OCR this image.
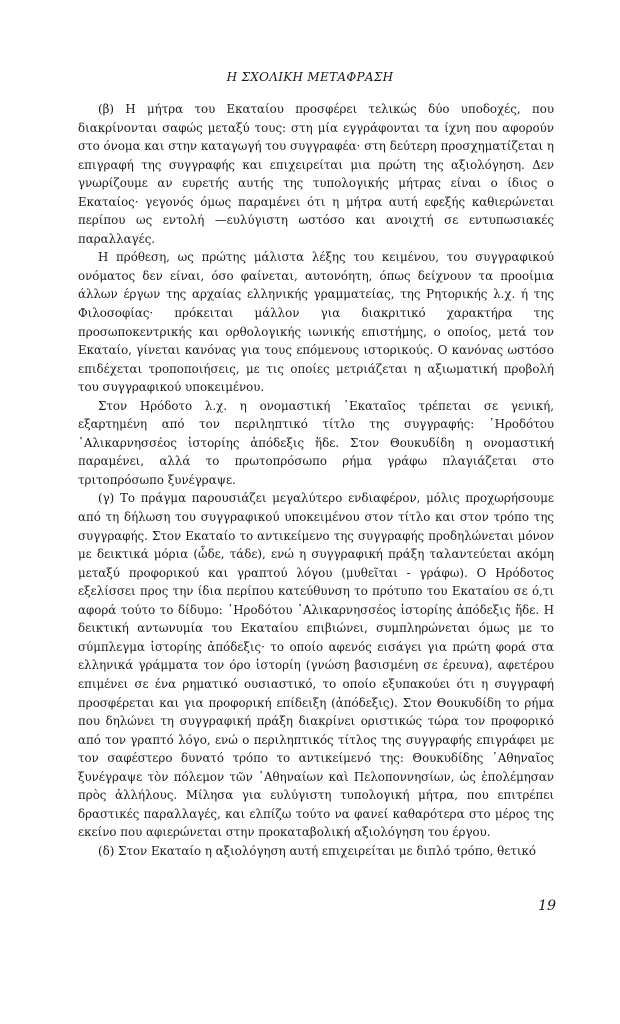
Η ΣΧΟΛΙΚΗ ΜΕΤΑΦΡΑΣΗ

(β) Η μήτρα του Εκαταίου προσφέρει τελικώς δύο υποδοχές, που διακρίνονται σαφώς μεταξύ τους: στη μία εγγράφονται τα ίχνη που αφορούν στο όνομα και στην καταγωγή του συγγραφέα· στη δεύτερη προσχηματίζεται η επιγραφή της συγγραφής και επιχειρείται μια πρώτη της αξιολόγηση. Δεν γνωρίζουμε αν ευρετής αυτής της τυπολογικής μήτρας είναι ο ίδιος ο Εκαταίος· γεγονός όμως παραμένει ότι η μήτρα αυτή εφεξής καθιερώνεται περίπου ως εντολή —ευλύγιστη ωστόσο και ανοιχτή σε εντυπωσιακές παραλλαγές.

Η πρόθεση, ως πρώτης μάλιστα λέξης του κειμένου, του συγγραφικού ονόματος δεν είναι, όσο φαίνεται, αυτονόητη, όπως δείχνουν τα προοίμια άλλων έργων της αρχαίας ελληνικής γραμματείας, της Ρητορικής λ.χ. ή της Φιλοσοφίας· πρόκειται μάλλον για διακριτικό χαρακτήρα της προσωποκεντρικής και ορθολογικής ιωνικής επιστήμης, ο οποίος, μετά τον Εκαταίο, γίνεται κανόνας για τους επόμενους ιστορικούς. Ο κανόνας ωστόσο επιδέχεται τροποποιήσεις, με τις οποίες μετριάζεται η αξιωματική προβολή του συγγραφικού υποκειμένου.

Στον Ηρόδοτο λ.χ. η ονομαστική ᾿Εκαταῖος τρέπεται σε γενική, εξαρτημένη από τον περιληπτικό τίτλο της συγγραφής: ῾Ηροδότου ᾿Αλικαρνησσέος ἱστορίης ἀπόδεξις ἥδε. Στον Θουκυδίδη η ονομαστική παραμένει, αλλά το πρωτοπρόσωπο ρήμα γράφω πλαγιάζεται στο τριτοπρόσωπο ξυνέγραψε.

(γ) Το πράγμα παρουσιάζει μεγαλύτερο ενδιαφέρον, μόλις προχωρήσουμε από τη δήλωση του συγγραφικού υποκειμένου στον τίτλο και στον τρόπο της συγγραφής. Στον Εκαταίο το αντικείμενο της συγγραφής προδηλώνεται μόνον με δεικτικά μόρια (ὧδε, τάδε), ενώ η συγγραφική πράξη ταλαντεύεται ακόμη μεταξύ προφορικού και γραπτού λόγου (μυθεῖται - γράφω). Ο Ηρόδοτος εξελίσσει προς την ίδια περίπου κατεύθυνση το πρότυπο του Εκαταίου σε ό,τι αφορά τούτο το δίδυμο: ῾Ηροδότου ᾿Αλικαρνησσέος ἱστορίης ἀπόδεξις ἥδε. Η δεικτική αντωνυμία του Εκαταίου επιβιώνει, συμπληρώνεται όμως με το σύμπλεγμα ἱστορίης ἀπόδεξις· το οποίο αφενός εισάγει για πρώτη φορά στα ελληνικά γράμματα τον όρο ἱστορίη (γνώση βασισμένη σε έρευνα), αφετέρου επιμένει σε ένα ρηματικό ουσιαστικό, το οποίο εξυπακούει ότι η συγγραφή προσφέρεται και για προφορική επίδειξη (ἀπόδεξις). Στον Θουκυδίδη το ρήμα που δηλώνει τη συγγραφική πράξη διακρίνει οριστικώς τώρα τον προφορικό από τον γραπτό λόγο, ενώ ο περιληπτικός τίτλος της συγγραφής επιγράφει με τον σαφέστερο δυνατό τρόπο το αντικείμενό της: Θουκυδίδης ᾿Αθηναῖος ξυνέγραψε τὸν πόλεμον τῶν ᾿Αθηναίων καὶ Πελοποννησίων, ὡς ἐπολέμησαν πρὸς ἀλλήλους. Μίλησα για ευλύγιστη τυπολογική μήτρα, που επιτρέπει δραστικές παραλλαγές, και ελπίζω τούτο να φανεί καθαρότερα στο μέρος της εκείνο που αφιερώνεται στην προκαταβολική αξιολόγηση του έργου.

(δ) Στον Εκαταίο η αξιολόγηση αυτή επιχειρείται με διπλό τρόπο, θετικό

19
